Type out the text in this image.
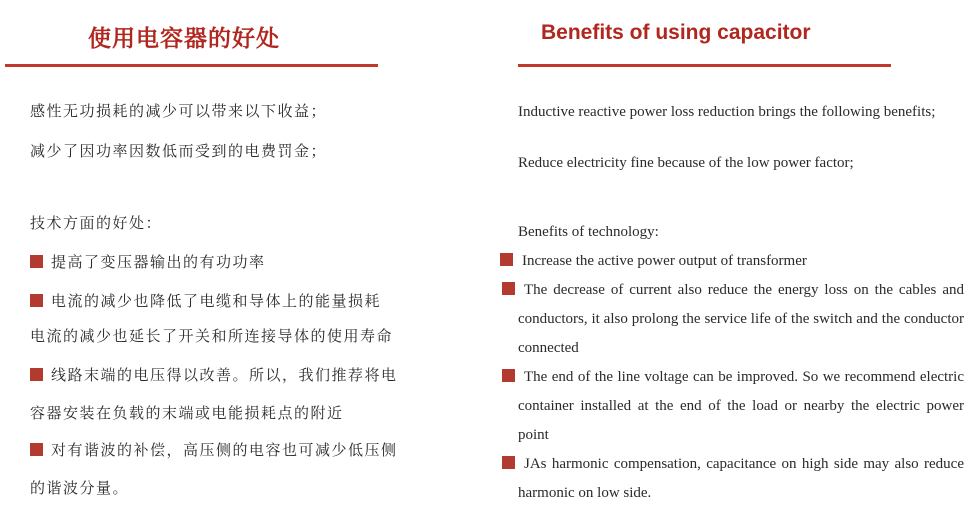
使用电容器的好处	Benefits of using capacitor
感性无功损耗的减少可以带来以下收益；
减少了因功率因数低而受到的电费罚金；
技术方面的好处：
提高了变压器输出的有功功率
电流的减少也降低了电缆和导体上的能量损耗
电流的减少也延长了开关和所连接导体的使用寿命
线路末端的电压得以改善。所以，我们推荐将电
容器安装在负载的末端或电能损耗点的附近
对有谐波的补偿，高压侧的电容也可减少低压侧
的谐波分量。
Inductive reactive power loss reduction brings the following benefits;
Reduce electricity fine because of the low power factor;
Benefits of technology:
Increase the active power output of transformer
The decrease of current also reduce the energy loss on the cables and conductors, it also prolong the service life of the switch and the conductor connected
The end of the line voltage can be improved. So we recommend electric container installed at the end of the load or nearby the electric power point
JAs harmonic compensation, capacitance on high side may also reduce harmonic on low side.
